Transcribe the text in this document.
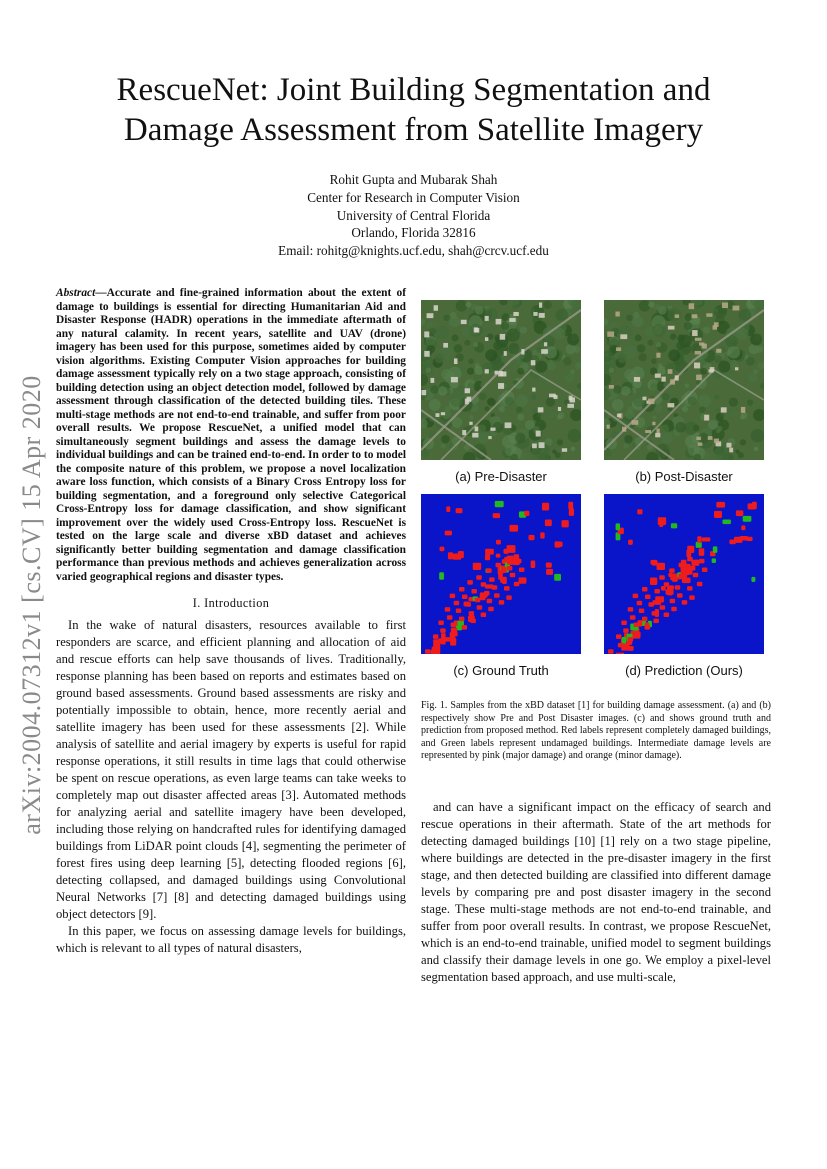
arXiv:2004.07312v1 [cs.CV] 15 Apr 2020
RescueNet: Joint Building Segmentation and
Damage Assessment from Satellite Imagery
Rohit Gupta and Mubarak Shah
Center for Research in Computer Vision
University of Central Florida
Orlando, Florida 32816
Email: rohitg@knights.ucf.edu, shah@crcv.ucf.edu
Abstract—Accurate and fine-grained information about the extent of damage to buildings is essential for directing Humanitarian Aid and Disaster Response (HADR) operations in the immediate aftermath of any natural calamity. In recent years, satellite and UAV (drone) imagery has been used for this purpose, sometimes aided by computer vision algorithms. Existing Computer Vision approaches for building damage assessment typically rely on a two stage approach, consisting of building detection using an object detection model, followed by damage assessment through classification of the detected building tiles. These multi-stage methods are not end-to-end trainable, and suffer from poor overall results. We propose RescueNet, a unified model that can simultaneously segment buildings and assess the damage levels to individual buildings and can be trained end-to-end. In order to to model the composite nature of this problem, we propose a novel localization aware loss function, which consists of a Binary Cross Entropy loss for building segmentation, and a foreground only selective Categorical Cross-Entropy loss for damage classification, and show significant improvement over the widely used Cross-Entropy loss. RescueNet is tested on the large scale and diverse xBD dataset and achieves significantly better building segmentation and damage classification performance than previous methods and achieves generalization across varied geographical regions and disaster types.
I. Introduction

In the wake of natural disasters, resources available to first responders are scarce, and efficient planning and allocation of aid and rescue efforts can help save thousands of lives. Traditionally, response planning has been based on reports and estimates based on ground based assessments. Ground based assessments are risky and potentially impossible to obtain, hence, more recently aerial and satellite imagery has been used for these assessments [2]. While analysis of satellite and aerial imagery by experts is useful for rapid response operations, it still results in time lags that could otherwise be spent on rescue operations, as even large teams can take weeks to completely map out disaster affected areas [3]. Automated methods for analyzing aerial and satellite imagery have been developed, including those relying on handcrafted rules for identifying damaged buildings from LiDAR point clouds [4], segmenting the perimeter of forest fires using deep learning [5], detecting flooded regions [6], detecting collapsed, and damaged buildings using Convolutional Neural Networks [7] [8] and detecting damaged buildings using object detectors [9].

In this paper, we focus on assessing damage levels for buildings, which is relevant to all types of natural disasters,

(a) Pre-Disaster	(b) Post-Disaster
(c) Ground Truth	(d) Prediction (Ours)
Fig. 1. Samples from the xBD dataset [1] for building damage assessment. (a) and (b) respectively show Pre and Post Disaster images. (c) and shows ground truth and prediction from proposed method. Red labels represent completely damaged buildings, and Green labels represent undamaged buildings. Intermediate damage levels are represented by pink (major damage) and orange (minor damage).

and can have a significant impact on the efficacy of search and rescue operations in their aftermath. State of the art methods for detecting damaged buildings [10] [1] rely on a two stage pipeline, where buildings are detected in the pre-disaster imagery in the first stage, and then detected building are classified into different damage levels by comparing pre and post disaster imagery in the second stage. These multi-stage methods are not end-to-end trainable, and suffer from poor overall results. In contrast, we propose RescueNet, which is an end-to-end trainable, unified model to segment buildings and classify their damage levels in one go. We employ a pixel-level segmentation based approach, and use multi-scale,
